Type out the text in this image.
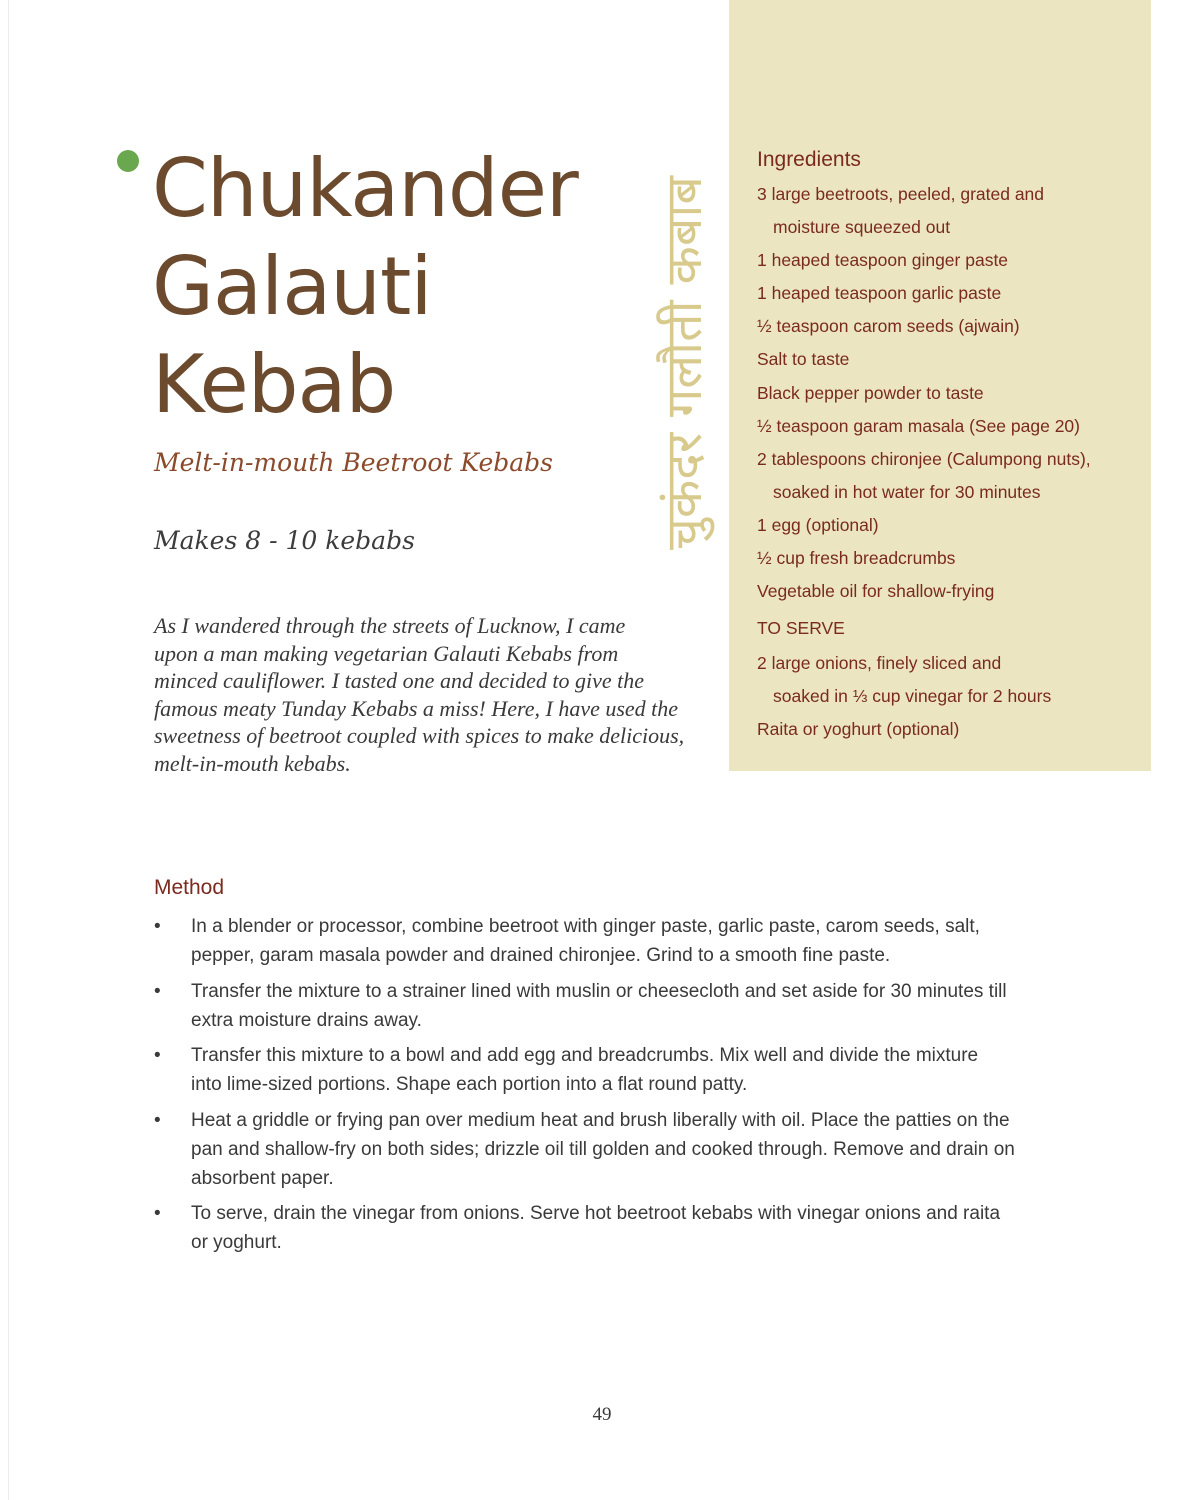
Chukander
Galauti
Kebab	चुकंदर गलौती कबाब
Melt-in-mouth Beetroot Kebabs
Makes 8 - 10 kebabs
As I wandered through the streets of Lucknow, I came
upon a man making vegetarian Galauti Kebabs from
minced cauliflower. I tasted one and decided to give the
famous meaty Tunday Kebabs a miss! Here, I have used the
sweetness of beetroot coupled with spices to make delicious,
melt-in-mouth kebabs.
Ingredients
3 large beetroots, peeled, grated and
moisture squeezed out
1 heaped teaspoon ginger paste
1 heaped teaspoon garlic paste
½ teaspoon carom seeds (ajwain)
Salt to taste
Black pepper powder to taste
½ teaspoon garam masala (See page 20)
2 tablespoons chironjee (Calumpong nuts),
soaked in hot water for 30 minutes
1 egg (optional)
½ cup fresh breadcrumbs
Vegetable oil for shallow-frying
TO SERVE
2 large onions, finely sliced and
soaked in ⅓ cup vinegar for 2 hours
Raita or yoghurt (optional)
Method
• In a blender or processor, combine beetroot with ginger paste, garlic paste, carom seeds, salt,
pepper, garam masala powder and drained chironjee. Grind to a smooth fine paste.
• Transfer the mixture to a strainer lined with muslin or cheesecloth and set aside for 30 minutes till
extra moisture drains away.
• Transfer this mixture to a bowl and add egg and breadcrumbs. Mix well and divide the mixture
into lime-sized portions. Shape each portion into a flat round patty.
• Heat a griddle or frying pan over medium heat and brush liberally with oil. Place the patties on the
pan and shallow-fry on both sides; drizzle oil till golden and cooked through. Remove and drain on
absorbent paper.
• To serve, drain the vinegar from onions. Serve hot beetroot kebabs with vinegar onions and raita
or yoghurt.
49
